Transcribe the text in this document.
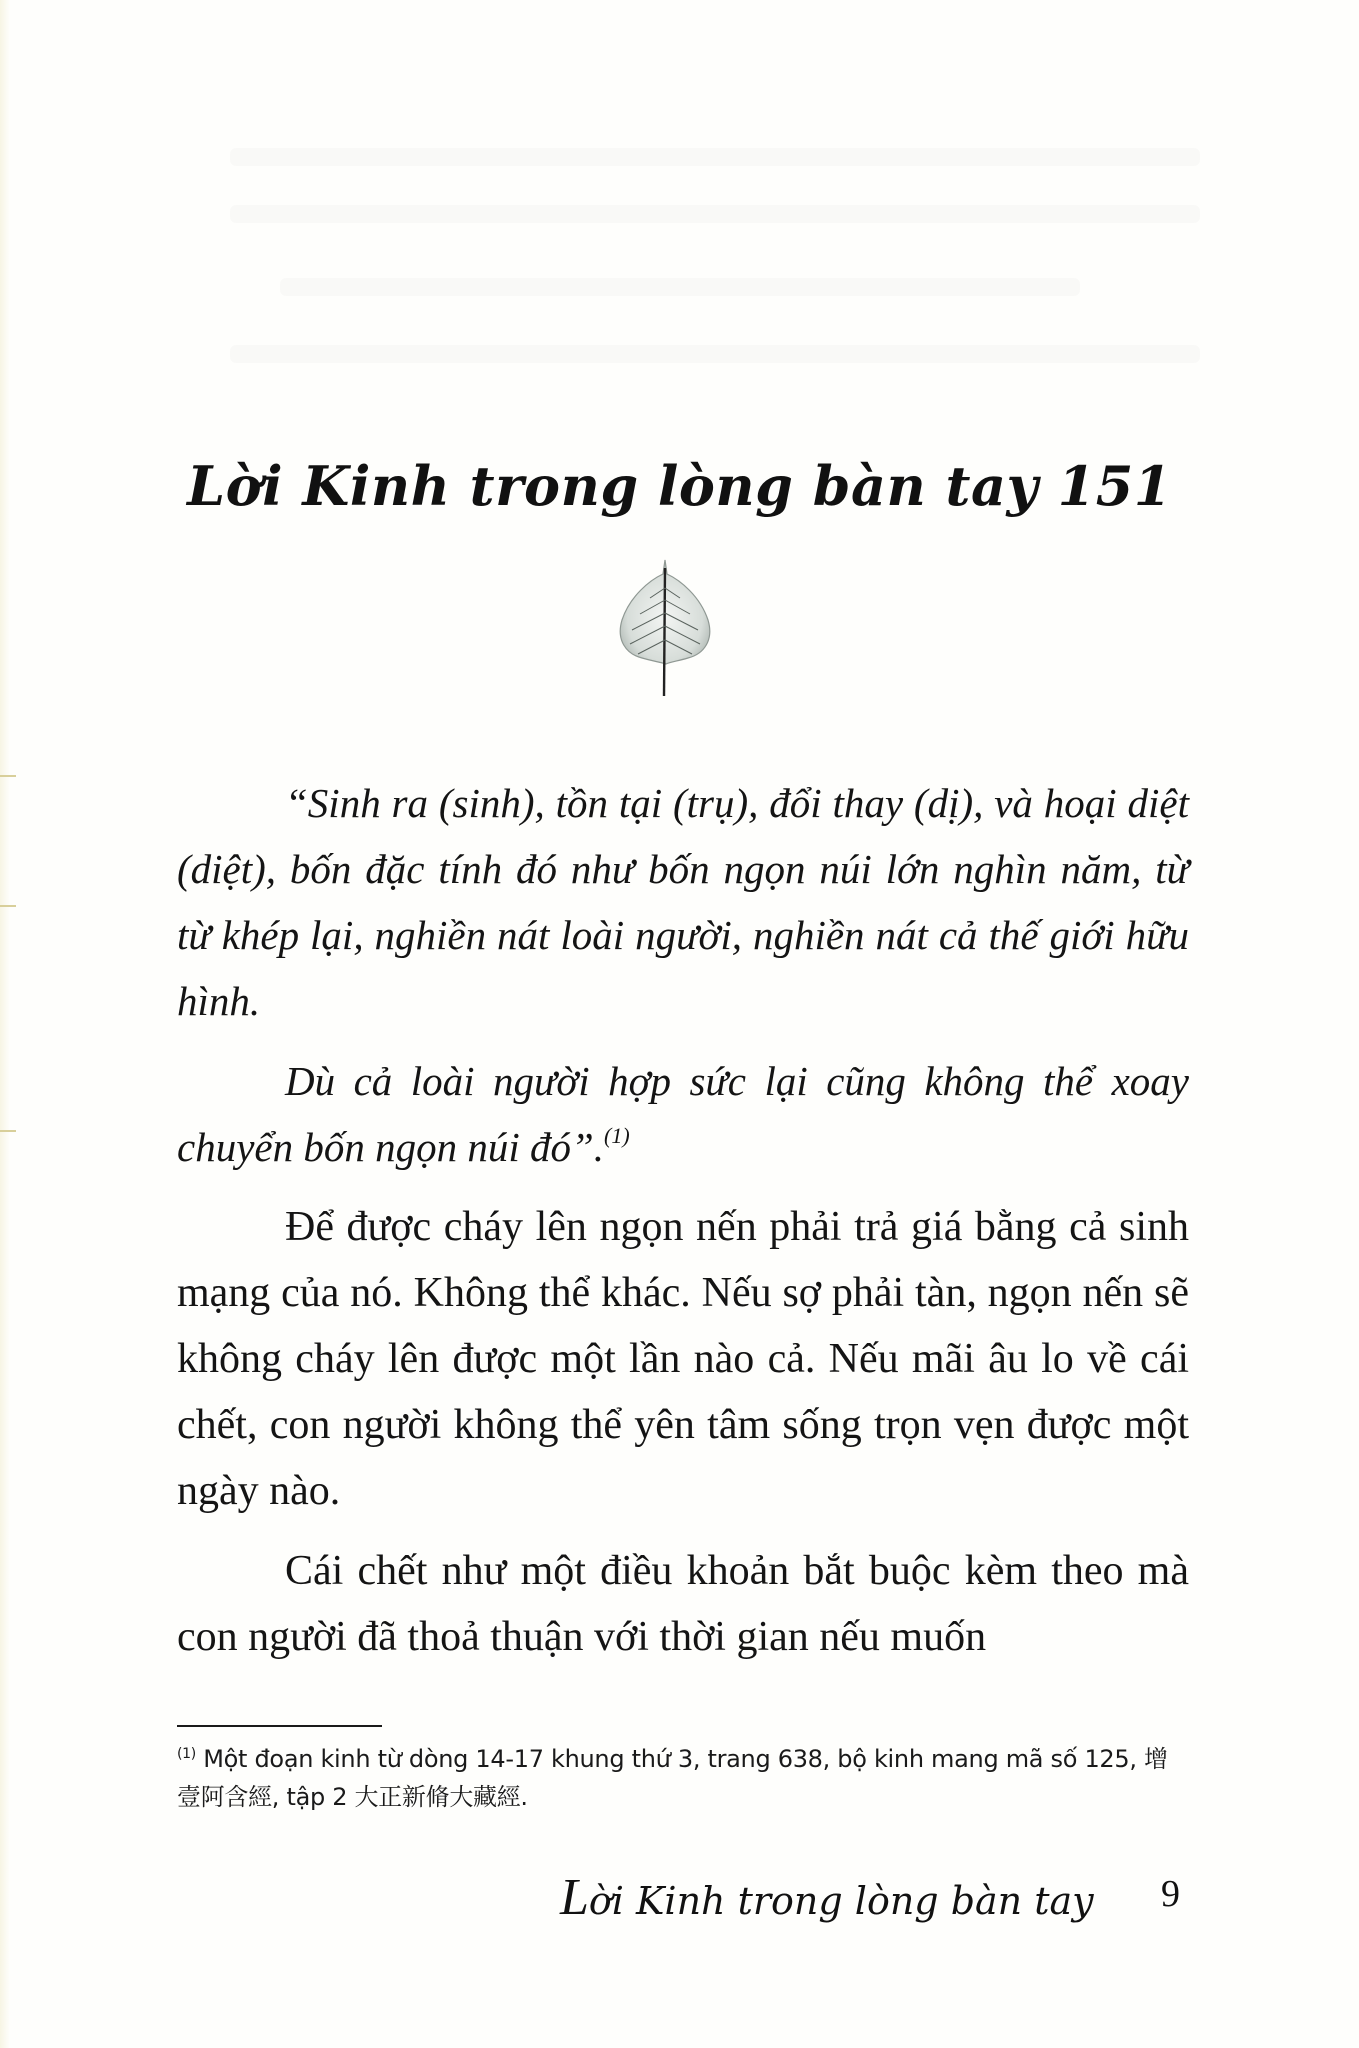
Lời Kinh trong lòng bàn tay 151

“Sinh ra (sinh), tồn tại (trụ), đổi thay (dị), và hoại diệt (diệt), bốn đặc tính đó như bốn ngọn núi lớn nghìn năm, từ từ khép lại, nghiền nát loài người, nghiền nát cả thế giới hữu hình.

Dù cả loài người hợp sức lại cũng không thể xoay chuyển bốn ngọn núi đó”.$^{(1)}$

Để được cháy lên ngọn nến phải trả giá bằng cả sinh mạng của nó. Không thể khác. Nếu sợ phải tàn, ngọn nến sẽ không cháy lên được một lần nào cả. Nếu mãi âu lo về cái chết, con người không thể yên tâm sống trọn vẹn được một ngày nào.

Cái chết như một điều khoản bắt buộc kèm theo mà con người đã thoả thuận với thời gian nếu muốn

$^{(1)}$ Một đoạn kinh từ dòng 14-17 khung thứ 3, trang 638, bộ kinh mang mã số 125, 增壹阿含經, tập 2 大正新脩大藏經.
Lời Kinh trong lòng bàn tay 9
